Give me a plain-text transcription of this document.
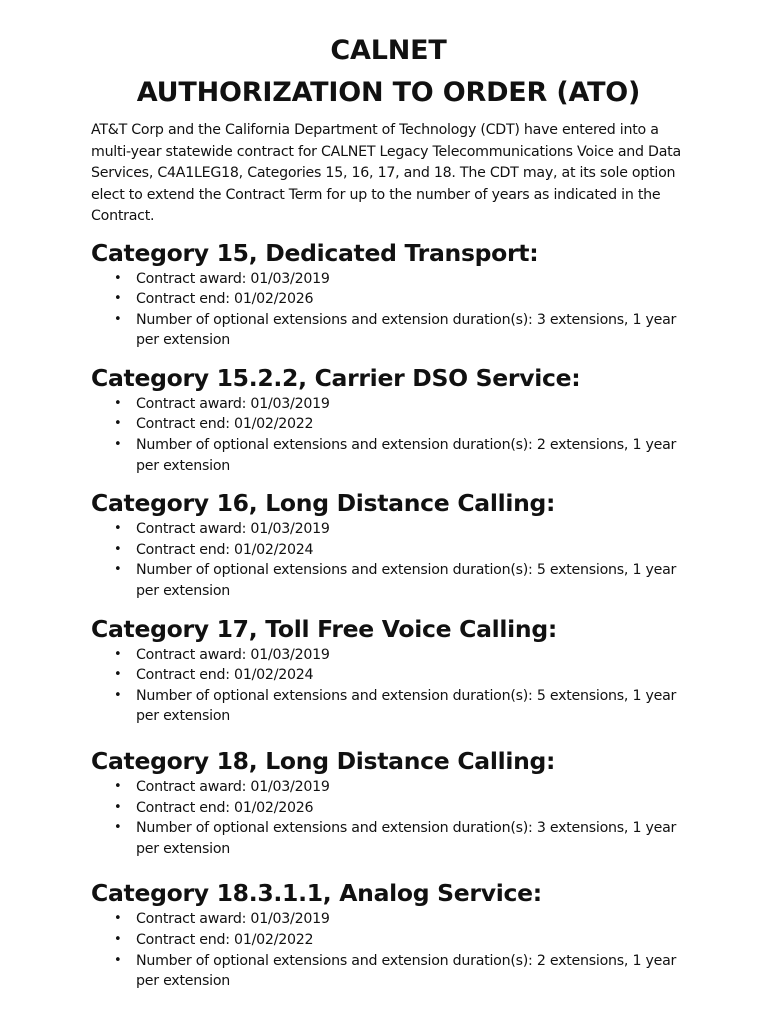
CALNET
AUTHORIZATION TO ORDER (ATO)

AT&T Corp and the California Department of Technology (CDT) have entered into a multi-year statewide contract for CALNET Legacy Telecommunications Voice and Data Services, C4A1LEG18, Categories 15, 16, 17, and 18. The CDT may, at its sole option elect to extend the Contract Term for up to the number of years as indicated in the Contract.

Category 15, Dedicated Transport:
• Contract award: 01/03/2019
• Contract end: 01/02/2026
• Number of optional extensions and extension duration(s): 3 extensions, 1 year per extension
Category 15.2.2, Carrier DSO Service:
• Contract award: 01/03/2019
• Contract end: 01/02/2022
• Number of optional extensions and extension duration(s): 2 extensions, 1 year per extension
Category 16, Long Distance Calling:
• Contract award: 01/03/2019
• Contract end: 01/02/2024
• Number of optional extensions and extension duration(s): 5 extensions, 1 year per extension
Category 17, Toll Free Voice Calling:
• Contract award: 01/03/2019
• Contract end: 01/02/2024
• Number of optional extensions and extension duration(s): 5 extensions, 1 year per extension
Category 18, Long Distance Calling:
• Contract award: 01/03/2019
• Contract end: 01/02/2026
• Number of optional extensions and extension duration(s): 3 extensions, 1 year per extension
Category 18.3.1.1, Analog Service:
• Contract award: 01/03/2019
• Contract end: 01/02/2022
• Number of optional extensions and extension duration(s): 2 extensions, 1 year per extension
